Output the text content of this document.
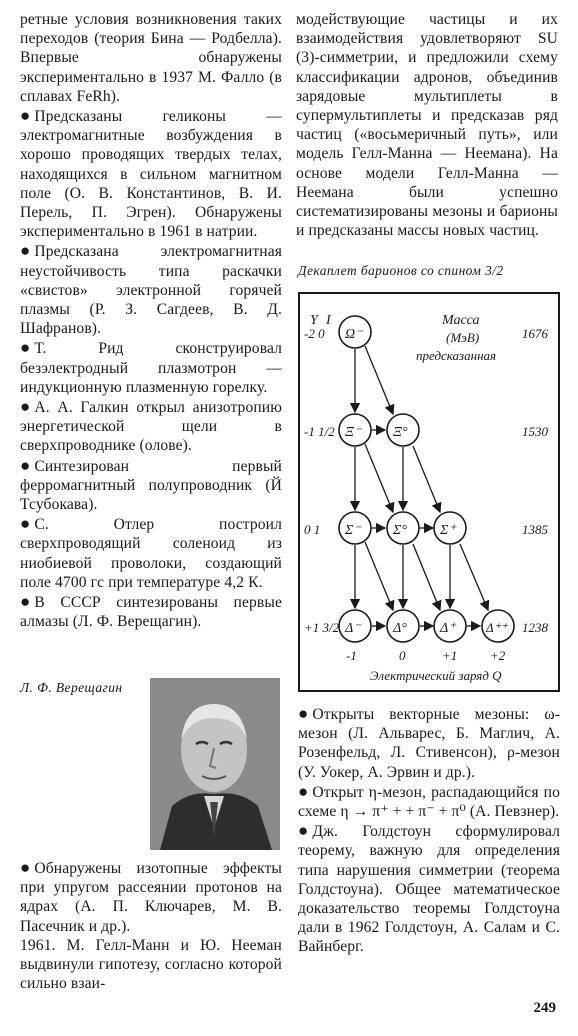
ретные условия возникновения таких переходов (теория Бина — Родбелла). Впервые обнаружены экспериментально в 1937 М. Фалло (в сплавах FeRh).

● Предсказаны геликоны — электромагнитные возбуждения в хорошо проводящих твердых телах, находящихся в сильном магнитном поле (О. В. Константинов, В. И. Перель, П. Эгрен). Обнаружены экспериментально в 1961 в натрии.

● Предсказана электромагнитная неустойчивость типа раскачки «свистов» электронной горячей плазмы (Р. З. Сагдеев, В. Д. Шафранов).

● Т. Рид сконструировал безэлектродный плазмотрон — индукционную плазменную горелку.

● А. А. Галкин открыл анизотропию энергетической щели в сверхпроводнике (олове).

● Синтезирован первый ферромагнитный полупроводник (Й Тсубокава).

● С. Отлер построил сверхпроводящий соленоид из ниобиевой проволоки, создающий поле 4700 гс при температуре 4,2 К.

● В СССР синтезированы первые алмазы (Л. Ф. Верещагин).

Л. Ф. Верещагин

● Обнаружены изотопные эффекты при упругом рассеянии протонов на ядрах (А. П. Ключарев, М. В. Пасечник и др.).

1961. М. Гелл-Манн и Ю. Нееман выдвинули гипотезу, согласно которой сильно взаи-

модействующие частицы и их взаимодействия удовлетворяют SU (3)-симметрии, и предложили схему классификации адронов, объединив зарядовые мультиплеты в супермультиплеты и предсказав ряд частиц («восьмеричный путь», или модель Гелл-Манна — Неемана). На основе модели Гелл-Манна — Неемана были успешно систематизированы мезоны и барионы и предсказаны массы новых частиц.

Декаплет барионов со спином 3/2
Y I	Масса
(МэВ)
предсказанная
-2 0
-1 1/2
0 1
+1 3/2
1676
1530
1385
1238
Ω⁻
Ξ⁻ Ξ°
Σ⁻ Σ° Σ⁺
Δ⁻ Δ° Δ⁺ Δ⁺⁺
-1	0	+1	+2
Электрический заряд Q

● Открыты векторные мезоны: ω-мезон (Л. Альварес, Б. Маглич, А. Розенфельд, Л. Стивенсон), ρ-мезон (У. Уокер, А. Эрвин и др.).

● Открыт η-мезон, распадающийся по схеме η → π⁺ + + π⁻ + π⁰ (А. Певзнер).

● Дж. Голдстоун сформулировал теорему, важную для определения типа нарушения симметрии (теорема Голдстоуна). Общее математическое доказательство теоремы Голдстоуна дали в 1962 Голдстоун, А. Салам и С. Вайнберг.

249
